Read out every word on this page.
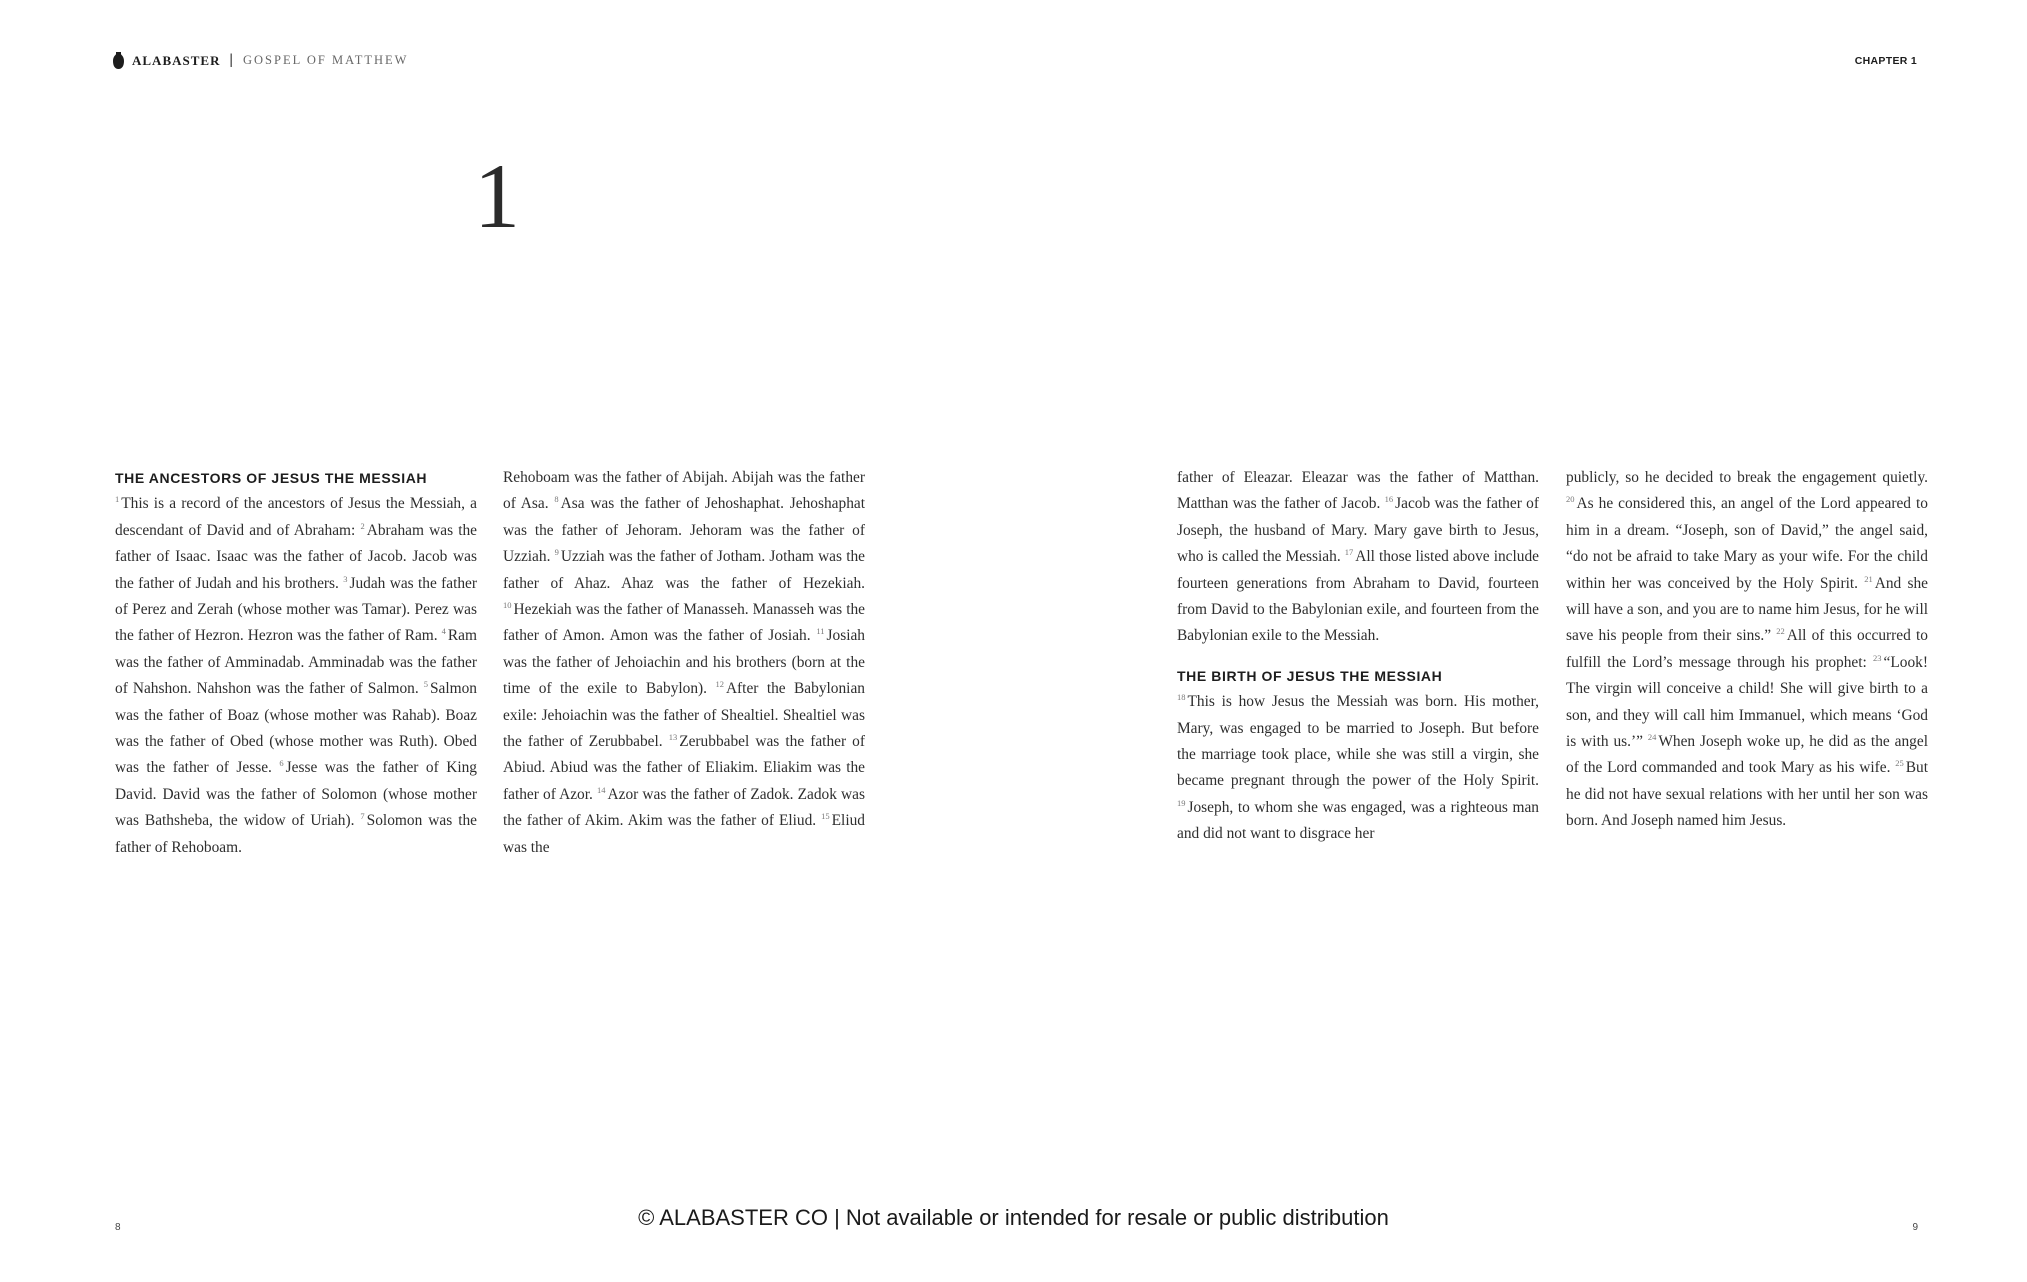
ALABASTER | GOSPEL OF MATTHEW	CHAPTER 1
1
THE ANCESTORS OF JESUS THE MESSIAH

$^1$ This is a record of the ancestors of Jesus the Messiah, a descendant of David and of Abraham: $^2$ Abraham was the father of Isaac. Isaac was the father of Jacob. Jacob was the father of Judah and his brothers. $^3$ Judah was the father of Perez and Zerah (whose mother was Tamar). Perez was the father of Hezron. Hezron was the father of Ram. $^4$ Ram was the father of Amminadab. Amminadab was the father of Nahshon. Nahshon was the father of Salmon. $^5$ Salmon was the father of Boaz (whose mother was Rahab). Boaz was the father of Obed (whose mother was Ruth). Obed was the father of Jesse. $^6$ Jesse was the father of King David. David was the father of Solomon (whose mother was Bathsheba, the widow of Uriah). $^7$ Solomon was the father of Rehoboam.

Rehoboam was the father of Abijah. Abijah was the father of Asa. $^8$ Asa was the father of Jehoshaphat. Jehoshaphat was the father of Jehoram. Jehoram was the father of Uzziah. $^9$ Uzziah was the father of Jotham. Jotham was the father of Ahaz. Ahaz was the father of Hezekiah. $^{10}$ Hezekiah was the father of Manasseh. Manasseh was the father of Amon. Amon was the father of Josiah. $^{11}$ Josiah was the father of Jehoiachin and his brothers (born at the time of the exile to Babylon). $^{12}$ After the Babylonian exile: Jehoiachin was the father of Shealtiel. Shealtiel was the father of Zerubbabel. $^{13}$ Zerubbabel was the father of Abiud. Abiud was the father of Eliakim. Eliakim was the father of Azor. $^{14}$ Azor was the father of Zadok. Zadok was the father of Akim. Akim was the father of Eliud. $^{15}$ Eliud was the

father of Eleazar. Eleazar was the father of Matthan. Matthan was the father of Jacob. $^{16}$ Jacob was the father of Joseph, the husband of Mary. Mary gave birth to Jesus, who is called the Messiah. $^{17}$ All those listed above include fourteen generations from Abraham to David, fourteen from David to the Babylonian exile, and fourteen from the Babylonian exile to the Messiah.

THE BIRTH OF JESUS THE MESSIAH

$^{18}$ This is how Jesus the Messiah was born. His mother, Mary, was engaged to be married to Joseph. But before the marriage took place, while she was still a virgin, she became pregnant through the power of the Holy Spirit. $^{19}$ Joseph, to whom she was engaged, was a righteous man and did not want to disgrace her

publicly, so he decided to break the engagement quietly. $^{20}$ As he considered this, an angel of the Lord appeared to him in a dream. “Joseph, son of David,” the angel said, “do not be afraid to take Mary as your wife. For the child within her was conceived by the Holy Spirit. $^{21}$ And she will have a son, and you are to name him Jesus, for he will save his people from their sins.” $^{22}$ All of this occurred to fulfill the Lord’s message through his prophet: $^{23}$ “Look! The virgin will conceive a child! She will give birth to a son, and they will call him Immanuel, which means ‘God is with us.’” $^{24}$ When Joseph woke up, he did as the angel of the Lord commanded and took Mary as his wife. $^{25}$ But he did not have sexual relations with her until her son was born. And Joseph named him Jesus.

8	9
© ALABASTER CO | Not available or intended for resale or public distribution
